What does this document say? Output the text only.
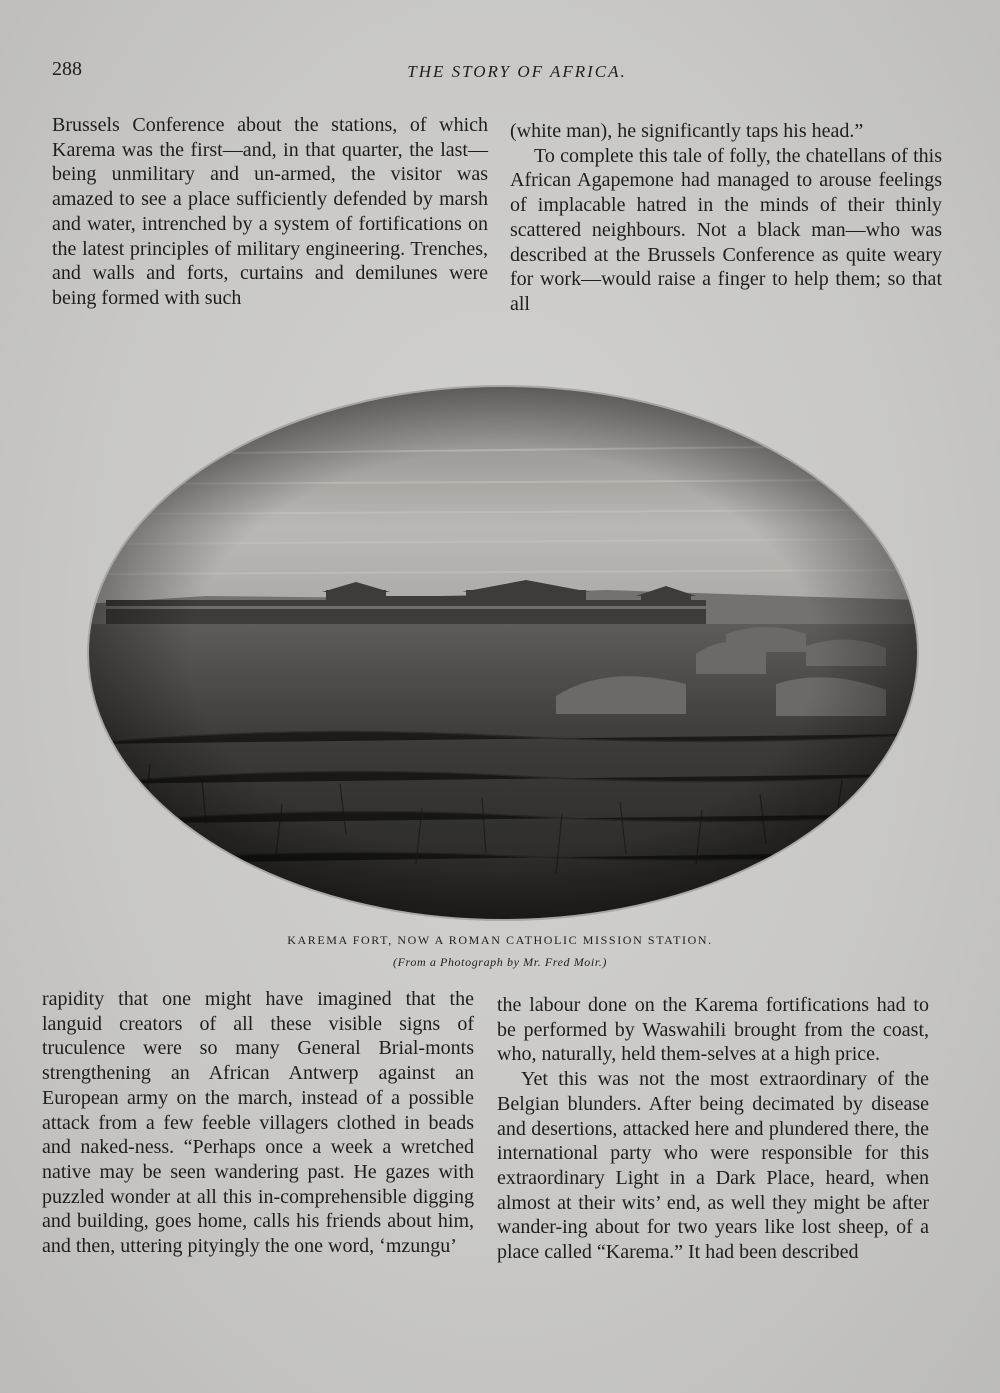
288	THE STORY OF AFRICA.

Brussels Conference about the stations, of which Karema was the first—and, in that quarter, the last—being unmilitary and un-armed, the visitor was amazed to see a place sufficiently defended by marsh and water, intrenched by a system of fortifications on the latest principles of military engineering. Trenches, and walls and forts, curtains and demilunes were being formed with such

(white man), he significantly taps his head.”

To complete this tale of folly, the chatellans of this African Agapemone had managed to arouse feelings of implacable hatred in the minds of their thinly scattered neighbours. Not a black man—who was described at the Brussels Conference as quite weary for work—would raise a finger to help them; so that all

KAREMA FORT, NOW A ROMAN CATHOLIC MISSION STATION.
(From a Photograph by Mr. Fred Moir.)

rapidity that one might have imagined that the languid creators of all these visible signs of truculence were so many General Brial-monts strengthening an African Antwerp against an European army on the march, instead of a possible attack from a few feeble villagers clothed in beads and naked-ness. “Perhaps once a week a wretched native may be seen wandering past. He gazes with puzzled wonder at all this in-comprehensible digging and building, goes home, calls his friends about him, and then, uttering pityingly the one word, ‘mzungu’

the labour done on the Karema fortifications had to be performed by Waswahili brought from the coast, who, naturally, held them-selves at a high price.

Yet this was not the most extraordinary of the Belgian blunders. After being decimated by disease and desertions, attacked here and plundered there, the international party who were responsible for this extraordinary Light in a Dark Place, heard, when almost at their wits’ end, as well they might be after wander-ing about for two years like lost sheep, of a place called “Karema.” It had been described
